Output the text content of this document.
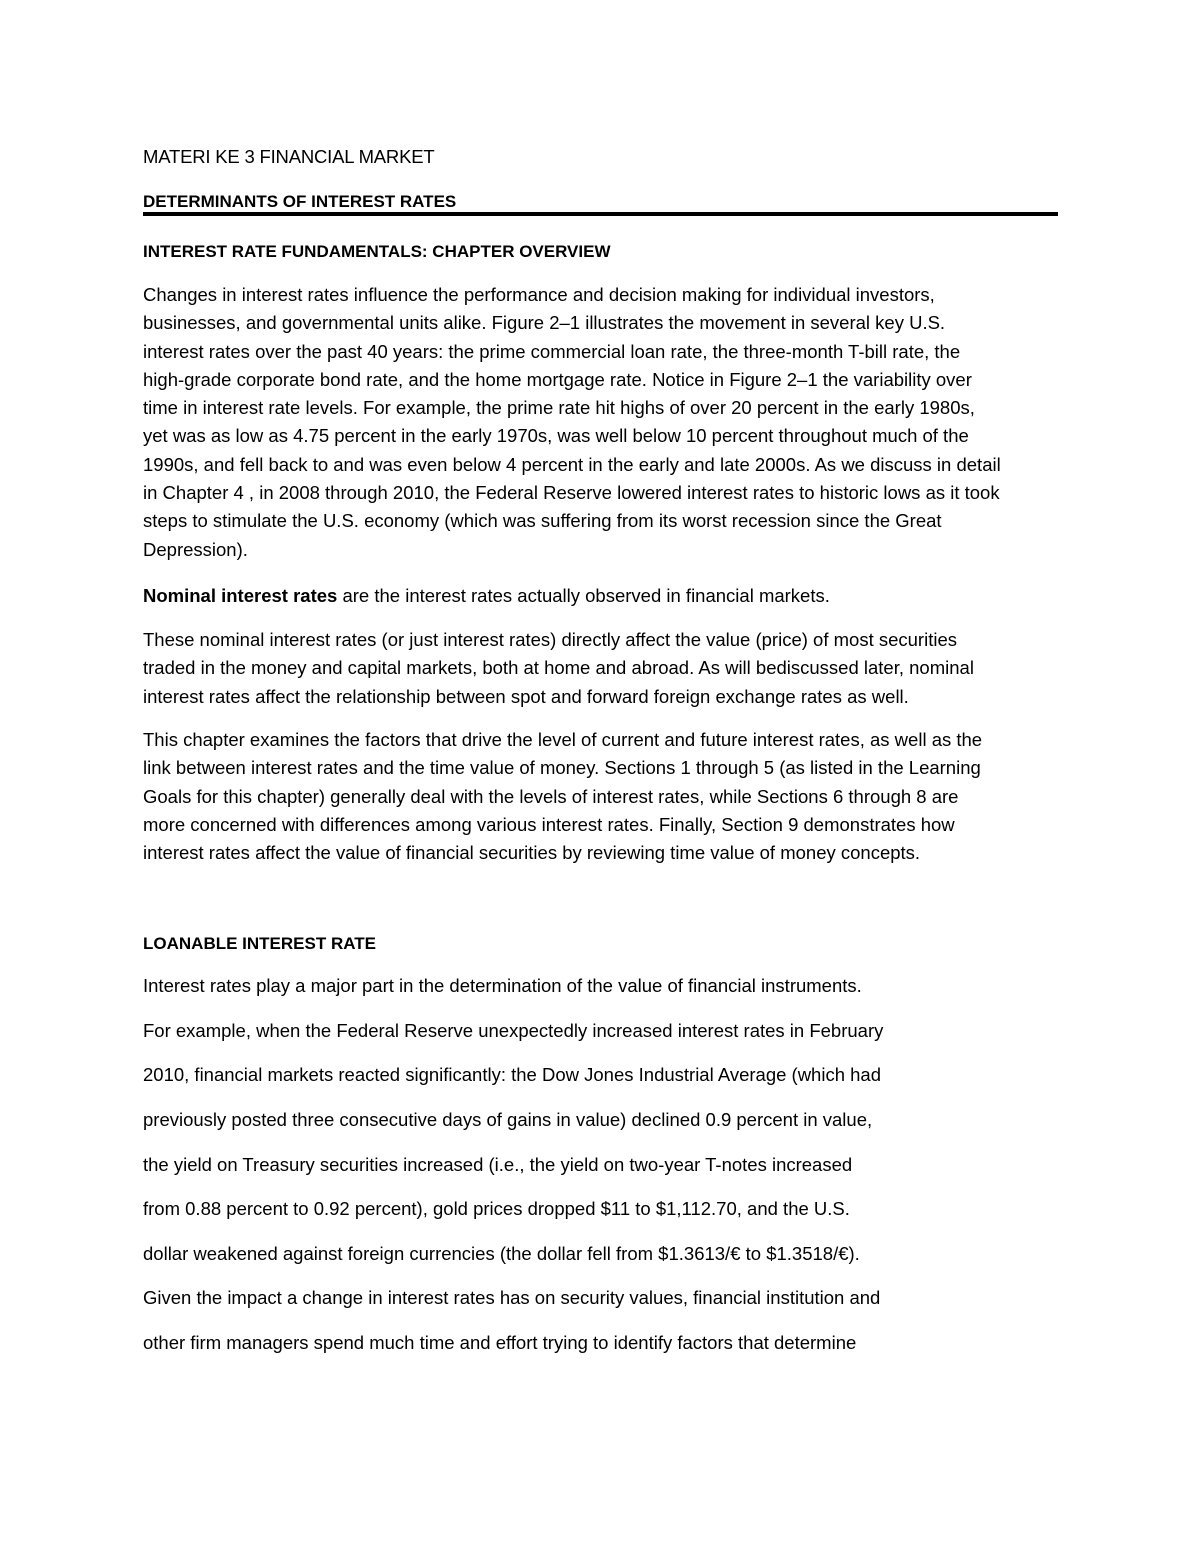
MATERI KE 3 FINANCIAL MARKET

DETERMINANTS OF INTEREST RATES

INTEREST RATE FUNDAMENTALS: CHAPTER OVERVIEW

Changes in interest rates influence the performance and decision making for individual investors,
businesses, and governmental units alike. Figure 2–1 illustrates the movement in several key U.S.
interest rates over the past 40 years: the prime commercial loan rate, the three-month T-bill rate, the
high-grade corporate bond rate, and the home mortgage rate. Notice in Figure 2–1 the variability over
time in interest rate levels. For example, the prime rate hit highs of over 20 percent in the early 1980s,
yet was as low as 4.75 percent in the early 1970s, was well below 10 percent throughout much of the
1990s, and fell back to and was even below 4 percent in the early and late 2000s. As we discuss in detail
in Chapter 4 , in 2008 through 2010, the Federal Reserve lowered interest rates to historic lows as it took
steps to stimulate the U.S. economy (which was suffering from its worst recession since the Great
Depression).
Nominal interest rates are the interest rates actually observed in financial markets.
These nominal interest rates (or just interest rates) directly affect the value (price) of most securities
traded in the money and capital markets, both at home and abroad. As will bediscussed later, nominal
interest rates affect the relationship between spot and forward foreign exchange rates as well.
This chapter examines the factors that drive the level of current and future interest rates, as well as the
link between interest rates and the time value of money. Sections 1 through 5 (as listed in the Learning
Goals for this chapter) generally deal with the levels of interest rates, while Sections 6 through 8 are
more concerned with differences among various interest rates. Finally, Section 9 demonstrates how
interest rates affect the value of financial securities by reviewing time value of money concepts.

LOANABLE INTEREST RATE

Interest rates play a major part in the determination of the value of financial instruments.

For example, when the Federal Reserve unexpectedly increased interest rates in February

2010, financial markets reacted significantly: the Dow Jones Industrial Average (which had

previously posted three consecutive days of gains in value) declined 0.9 percent in value,

the yield on Treasury securities increased (i.e., the yield on two-year T-notes increased

from 0.88 percent to 0.92 percent), gold prices dropped $11 to $1,112.70, and the U.S.

dollar weakened against foreign currencies (the dollar fell from $1.3613/€ to $1.3518/€).

Given the impact a change in interest rates has on security values, financial institution and

other firm managers spend much time and effort trying to identify factors that determine
